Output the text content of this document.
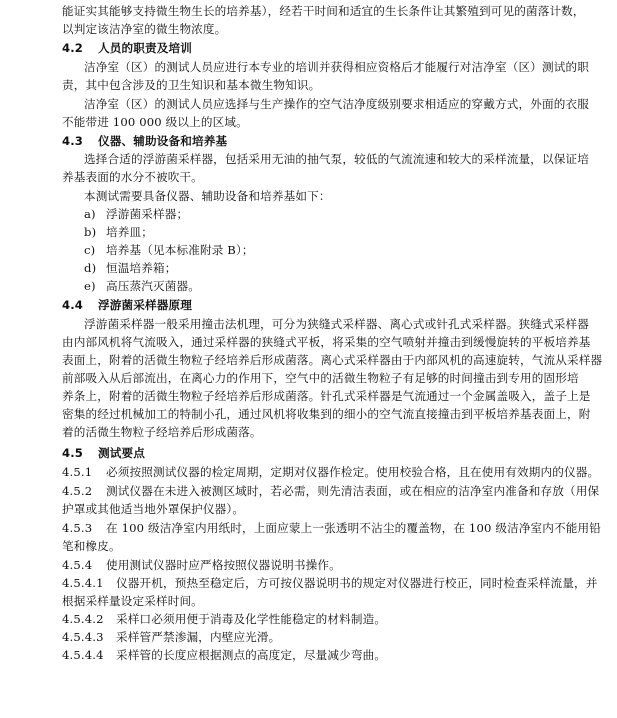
能证实其能够支持微生物生长的培养基），经若干时间和适宜的生长条件让其繁殖到可见的菌落计数，
以判定该洁净室的微生物浓度。
4.2 人员的职责及培训
洁净室（区）的测试人员应进行本专业的培训并获得相应资格后才能履行对洁净室（区）测试的职
责，其中包含涉及的卫生知识和基本微生物知识。
洁净室（区）的测试人员应选择与生产操作的空气洁净度级别要求相适应的穿戴方式，外面的衣服
不能带进 100 000 级以上的区域。
4.3 仪器、辅助设备和培养基
选择合适的浮游菌采样器，包括采用无油的抽气泵，较低的气流流速和较大的采样流量，以保证培
养基表面的水分不被吹干。
本测试需要具备仪器、辅助设备和培养基如下：
a) 浮游菌采样器；
b) 培养皿；
c) 培养基（见本标准附录 B）；
d) 恒温培养箱；
e) 高压蒸汽灭菌器。
4.4 浮游菌采样器原理
浮游菌采样器一般采用撞击法机理，可分为狭缝式采样器、离心式或针孔式采样器。狭缝式采样器
由内部风机将气流吸入，通过采样器的狭缝式平板，将采集的空气喷射并撞击到缓慢旋转的平板培养基
表面上，附着的活微生物粒子经培养后形成菌落。离心式采样器由于内部风机的高速旋转，气流从采样器
前部吸入从后部流出，在离心力的作用下，空气中的活微生物粒子有足够的时间撞击到专用的固形培
养条上，附着的活微生物粒子经培养后形成菌落。针孔式采样器是气流通过一个金属盖吸入，盖子上是
密集的经过机械加工的特制小孔，通过风机将收集到的细小的空气流直接撞击到平板培养基表面上，附
着的活微生物粒子经培养后形成菌落。
4.5 测试要点
4.5.1 必须按照测试仪器的检定周期，定期对仪器作检定。使用校验合格，且在使用有效期内的仪器。
4.5.2 测试仪器在未进入被测区域时，若必需，则先清洁表面，或在相应的洁净室内准备和存放（用保
护罩或其他适当地外罩保护仪器）。
4.5.3 在 100 级洁净室内用纸时，上面应蒙上一张透明不沾尘的覆盖物，在 100 级洁净室内不能用铅
笔和橡皮。
4.5.4 使用测试仪器时应严格按照仪器说明书操作。
4.5.4.1 仪器开机，预热至稳定后，方可按仪器说明书的规定对仪器进行校正，同时检查采样流量，并
根据采样量设定采样时间。
4.5.4.2 采样口必须用便于消毒及化学性能稳定的材料制造。
4.5.4.3 采样管严禁渗漏，内壁应光滑。
4.5.4.4 采样管的长度应根据测点的高度定，尽量减少弯曲。
